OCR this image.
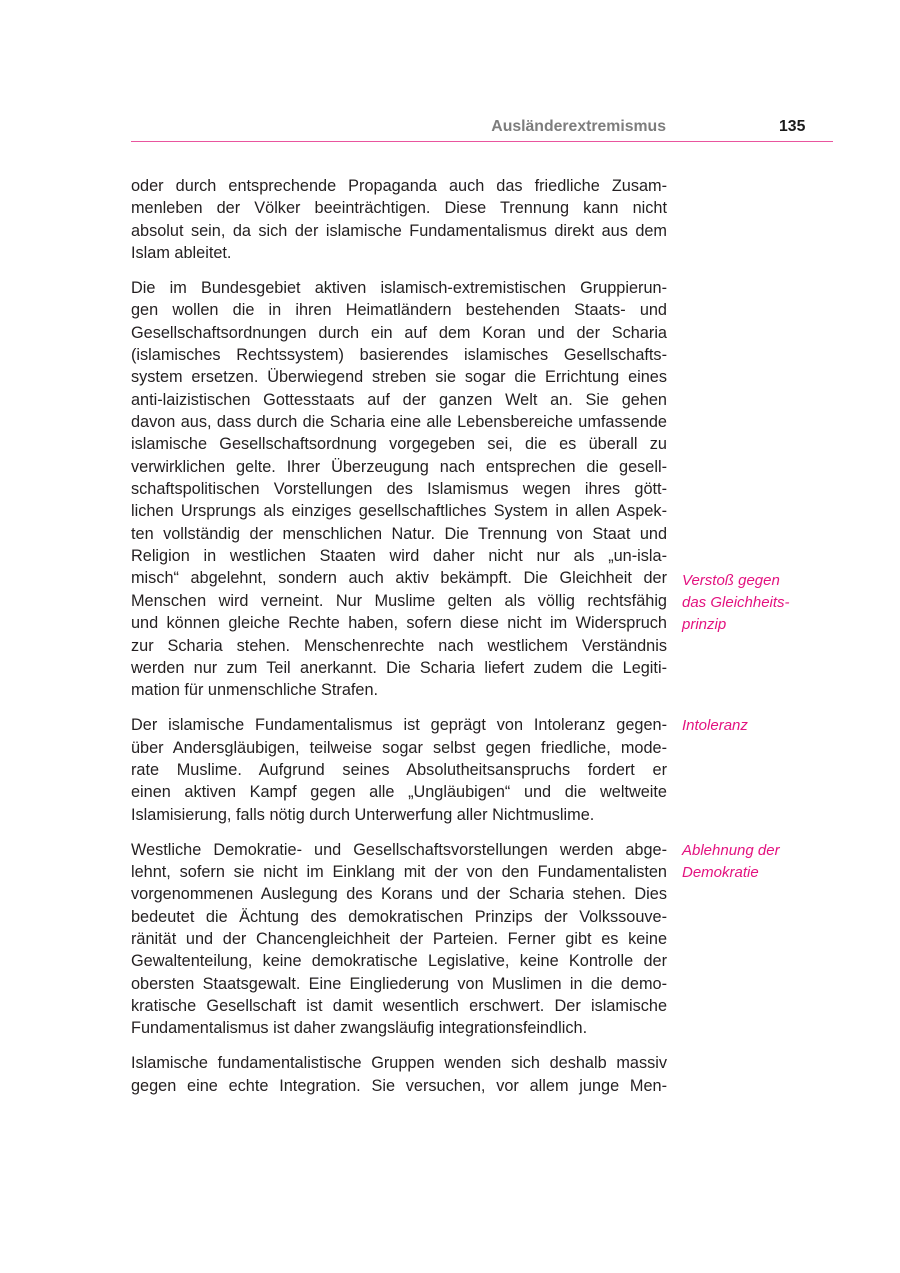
Ausländerextremismus	135
oder durch entsprechende Propaganda auch das friedliche Zusam-
menleben der Völker beeinträchtigen. Diese Trennung kann nicht
absolut sein, da sich der islamische Fundamentalismus direkt aus dem
Islam ableitet.
Die im Bundesgebiet aktiven islamisch-extremistischen Gruppierun-
gen wollen die in ihren Heimatländern bestehenden Staats- und
Gesellschaftsordnungen durch ein auf dem Koran und der Scharia
(islamisches Rechtssystem) basierendes islamisches Gesellschafts-
system ersetzen. Überwiegend streben sie sogar die Errichtung eines
anti-laizistischen Gottesstaats auf der ganzen Welt an. Sie gehen
davon aus, dass durch die Scharia eine alle Lebensbereiche umfassende
islamische Gesellschaftsordnung vorgegeben sei, die es überall zu
verwirklichen gelte. Ihrer Überzeugung nach entsprechen die gesell-
schaftspolitischen Vorstellungen des Islamismus wegen ihres gött-
lichen Ursprungs als einziges gesellschaftliches System in allen Aspek-
ten vollständig der menschlichen Natur. Die Trennung von Staat und
Religion in westlichen Staaten wird daher nicht nur als „un-isla-
misch“ abgelehnt, sondern auch aktiv bekämpft. Die Gleichheit der
Menschen wird verneint. Nur Muslime gelten als völlig rechtsfähig
und können gleiche Rechte haben, sofern diese nicht im Widerspruch
zur Scharia stehen. Menschenrechte nach westlichem Verständnis
werden nur zum Teil anerkannt. Die Scharia liefert zudem die Legiti-
mation für unmenschliche Strafen.
Der islamische Fundamentalismus ist geprägt von Intoleranz gegen-
über Andersgläubigen, teilweise sogar selbst gegen friedliche, mode-
rate Muslime. Aufgrund seines Absolutheitsanspruchs fordert er
einen aktiven Kampf gegen alle „Ungläubigen“ und die weltweite
Islamisierung, falls nötig durch Unterwerfung aller Nichtmuslime.
Westliche Demokratie- und Gesellschaftsvorstellungen werden abge-
lehnt, sofern sie nicht im Einklang mit der von den Fundamentalisten
vorgenommenen Auslegung des Korans und der Scharia stehen. Dies
bedeutet die Ächtung des demokratischen Prinzips der Volkssouve-
ränität und der Chancengleichheit der Parteien. Ferner gibt es keine
Gewaltenteilung, keine demokratische Legislative, keine Kontrolle der
obersten Staatsgewalt. Eine Eingliederung von Muslimen in die demo-
kratische Gesellschaft ist damit wesentlich erschwert. Der islamische
Fundamentalismus ist daher zwangsläufig integrationsfeindlich.
Islamische fundamentalistische Gruppen wenden sich deshalb massiv
gegen eine echte Integration. Sie versuchen, vor allem junge Men-
Verstoß gegen
das Gleichheits-
prinzip
Intoleranz
Ablehnung der
Demokratie
